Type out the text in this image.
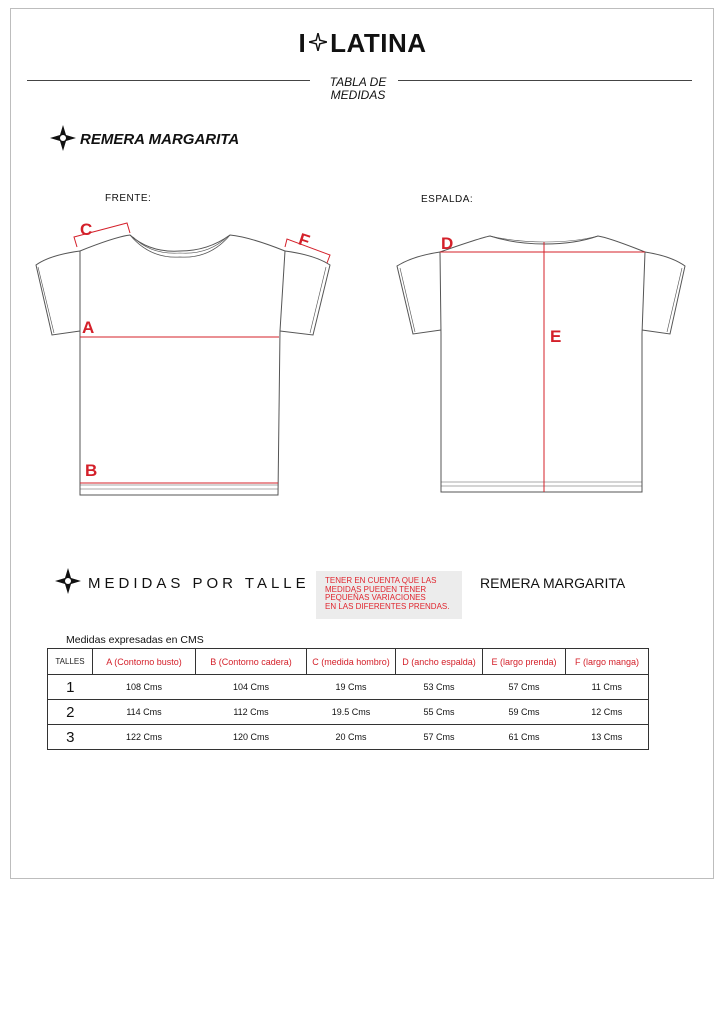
I LATINA
TABLA DE
MEDIDAS
REMERA MARGARITA
FRENTE:	ESPALDA:
A
B
C
F	D
E
MEDIDAS POR TALLE TENER EN CUENTA QUE LAS
MEDIDAS PUEDEN TENER
PEQUEÑAS VARIACIONES
EN LAS DIFERENTES PRENDAS.
REMERA MARGARITA
Medidas expresadas en CMS
TALLES	A (Contorno busto)	B (Contorno cadera)	C (medida hombro)	D (ancho espalda)	E (largo prenda)	F (largo manga)
1	108 Cms	104 Cms	19 Cms	53 Cms	57 Cms	11 Cms
2	114 Cms	112 Cms	19.5 Cms	55 Cms	59 Cms	12 Cms
3	122 Cms	120 Cms	20 Cms	57 Cms	61 Cms	13 Cms
